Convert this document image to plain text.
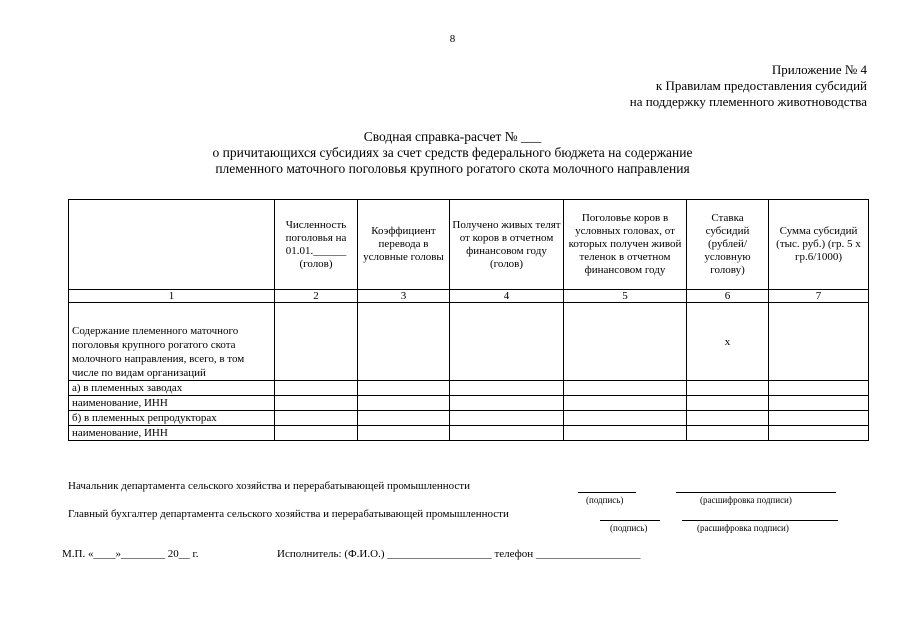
8
Приложение № 4
к Правилам предоставления субсидий
на поддержку племенного животноводства
Сводная справка-расчет № ___
о причитающихся субсидиях за счет средств федерального бюджета на содержание
племенного маточного поголовья крупного рогатого скота молочного направления
	Численность поголовья на 01.01.______ (голов)	Коэффициент перевода в условные головы	Получено живых телят от коров в отчетном финансовом году (голов)	Поголовье коров в условных головах, от которых получен живой теленок в отчетном финансовом году	Ставка субсидий (рублей/ условную голову)	Сумма субсидий (тыс. руб.) (гр. 5 х гр.6/1000)
1	2	3	4	5	6	7
Содержание племенного маточного поголовья крупного рогатого скота молочного направления, всего, в том числе по видам организаций					х	
а) в племенных заводах						
наименование, ИНН						
б) в племенных репродукторах						
наименование, ИНН						
Начальник департамента сельского хозяйства и перерабатывающей промышленности
(подпись)	(расшифровка подписи)
Главный бухгалтер департамента сельского хозяйства и перерабатывающей промышленности
(подпись)	(расшифровка подписи)
М.П. «____»________ 20__ г.	Исполнитель: (Ф.И.О.) ___________________ телефон ___________________
